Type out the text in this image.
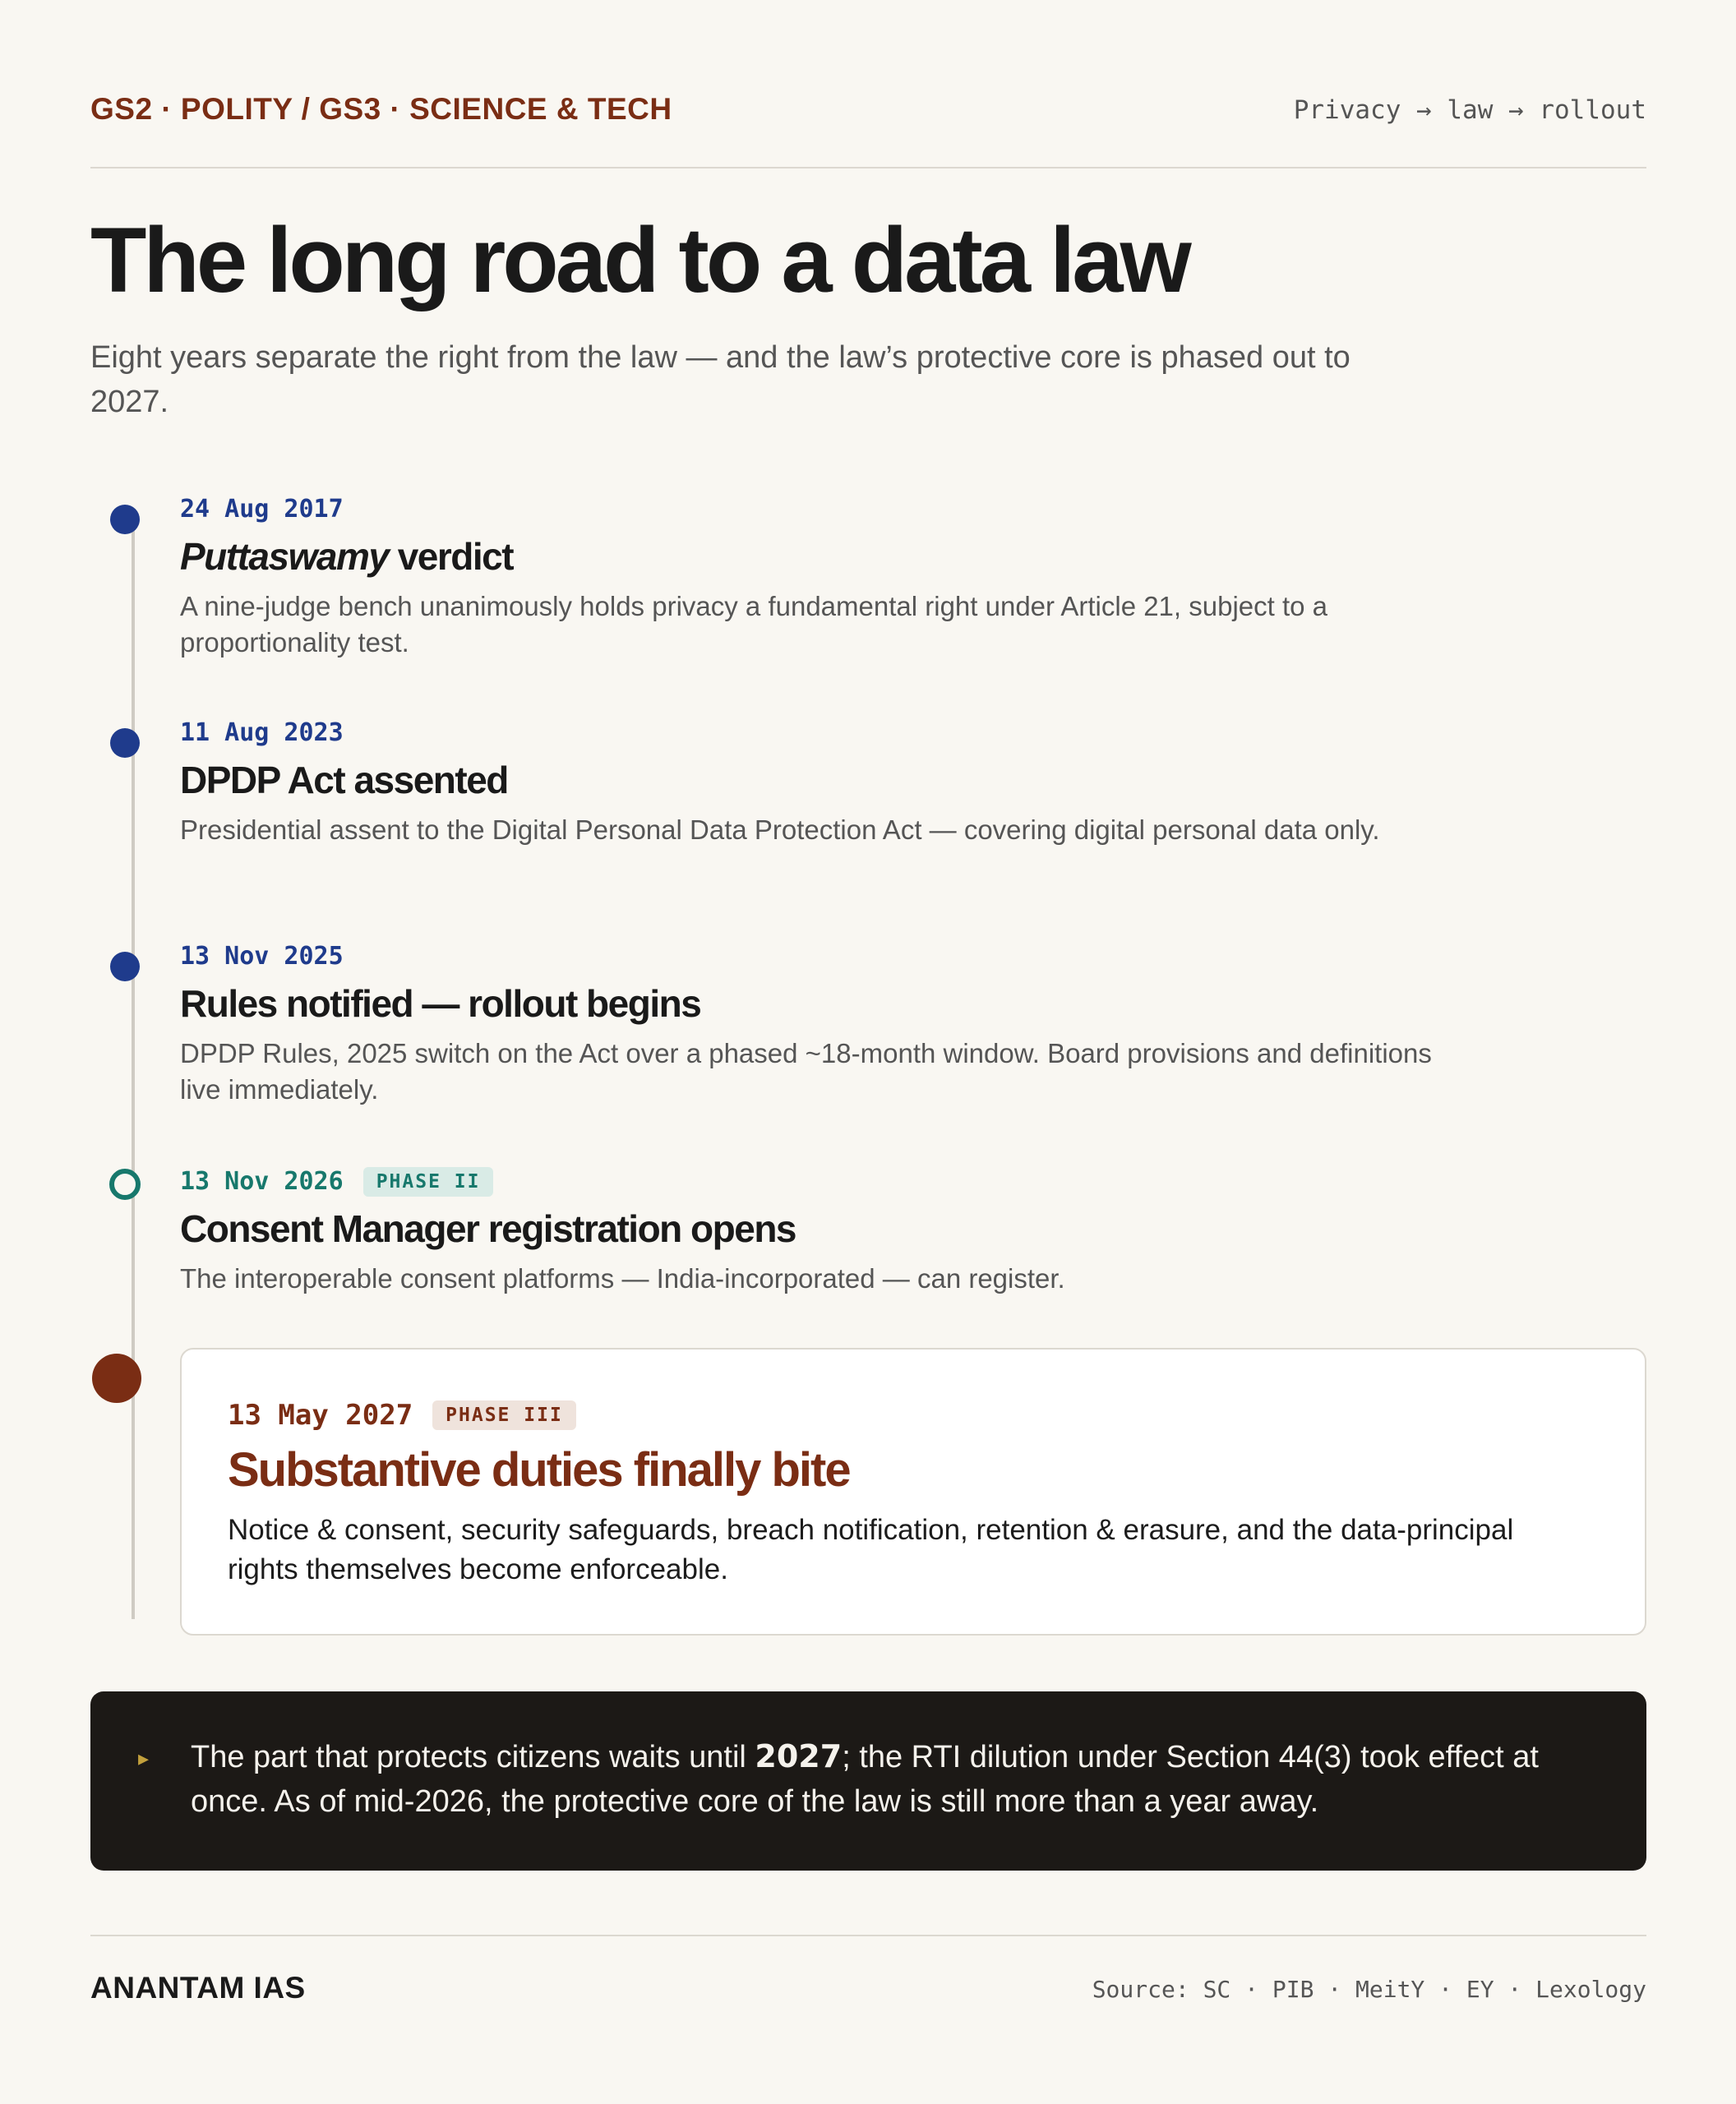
GS2 · POLITY / GS3 · SCIENCE & TECH	Privacy → law → rollout
The long road to a data law
Eight years separate the right from the law — and the law’s protective core is phased out to 2027.
24 Aug 2017
Puttaswamy verdict
A nine-judge bench unanimously holds privacy a fundamental right under Article 21, subject to a proportionality test.
11 Aug 2023
DPDP Act assented
Presidential assent to the Digital Personal Data Protection Act — covering digital personal data only.
13 Nov 2025
Rules notified — rollout begins
DPDP Rules, 2025 switch on the Act over a phased ~18-month window. Board provisions and definitions live immediately.
13 Nov 2026	PHASE II
Consent Manager registration opens
The interoperable consent platforms — India-incorporated — can register.
13 May 2027	PHASE III
Substantive duties finally bite
Notice & consent, security safeguards, breach notification, retention & erasure, and the data-principal rights themselves become enforceable.
▸ The part that protects citizens waits until 2027; the RTI dilution under Section 44(3) took effect at once. As of mid-2026, the protective core of the law is still more than a year away.
ANANTAM IAS	Source: SC · PIB · MeitY · EY · Lexology
